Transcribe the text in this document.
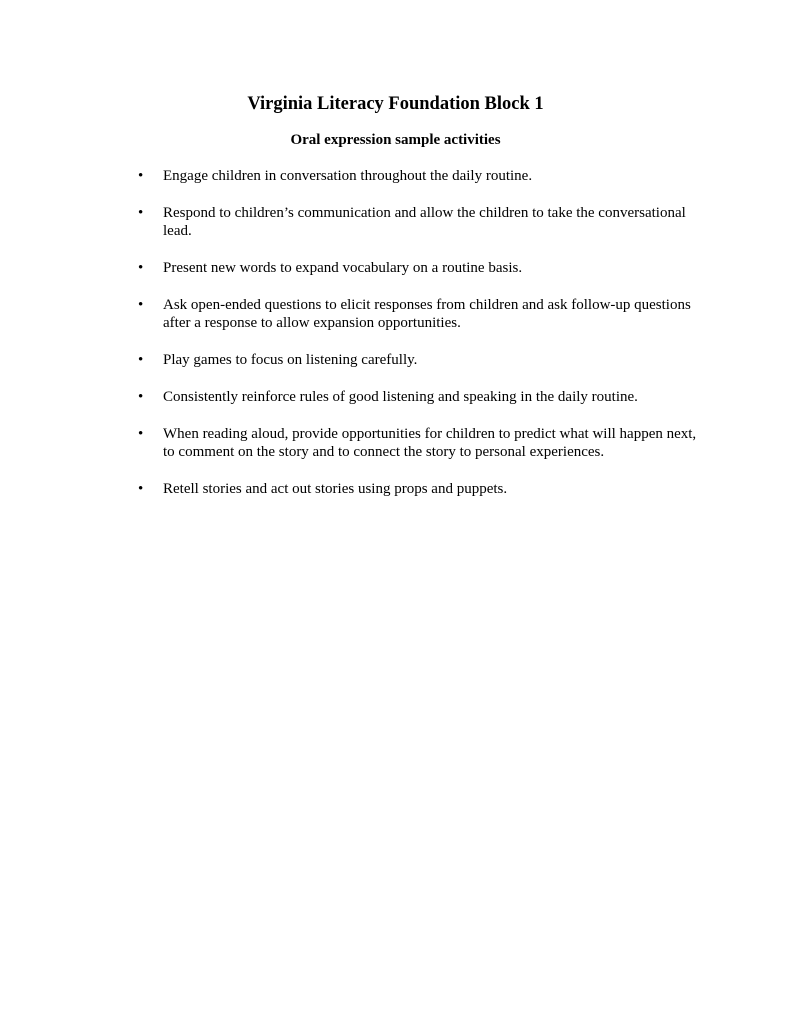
Virginia Literacy Foundation Block 1
Oral expression sample activities
•	Engage children in conversation throughout the daily routine.
•	Respond to children’s communication and allow the children to take the conversational lead.
•	Present new words to expand vocabulary on a routine basis.
•	Ask open-ended questions to elicit responses from children and ask follow-up questions after a response to allow expansion opportunities.
•	Play games to focus on listening carefully.
•	Consistently reinforce rules of good listening and speaking in the daily routine.
•	When reading aloud, provide opportunities for children to predict what will happen next, to comment on the story and to connect the story to personal experiences.
•	Retell stories and act out stories using props and puppets.
